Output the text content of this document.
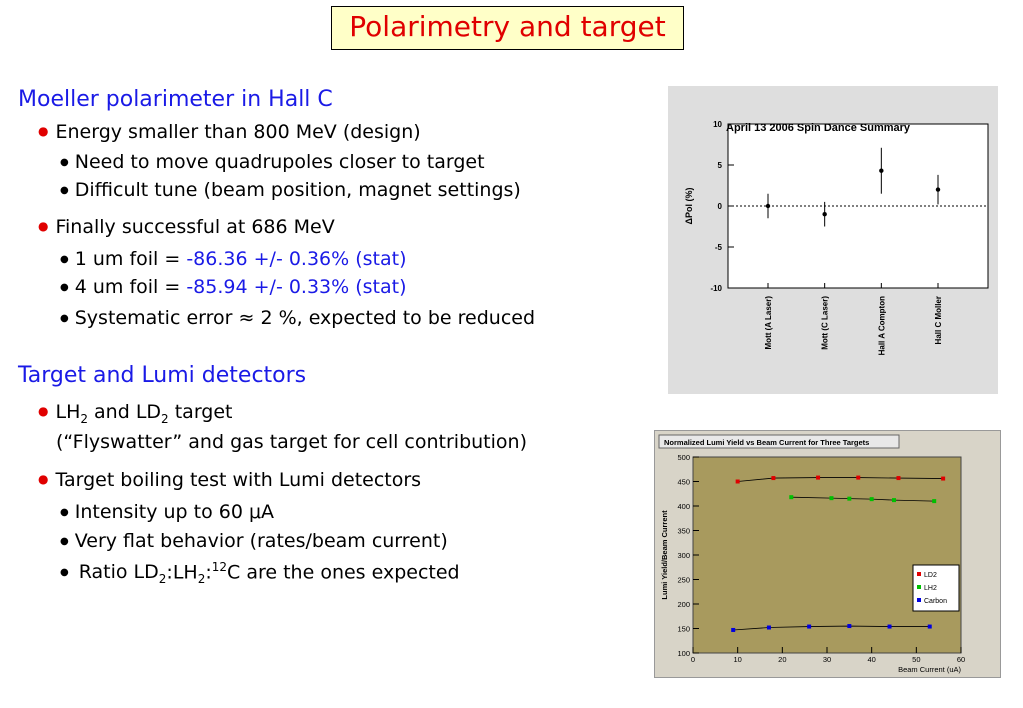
Polarimetry and target
Moeller polarimeter in Hall C
● Energy smaller than 800 MeV (design)
● Need to move quadrupoles closer to target
● Difficult tune (beam position, magnet settings)
● Finally successful at 686 MeV
● 1 um foil = -86.36 +/- 0.36% (stat)
● 4 um foil = -85.94 +/- 0.33% (stat)
● Systematic error ≈ 2 %, expected to be reduced
Target and Lumi detectors
● $LH_2$ and $LD_2$ target
(“Flyswatter” and gas target for cell contribution)
● Target boiling test with Lumi detectors
● Intensity up to 60 μA
● Very flat behavior (rates/beam current)
● Ratio $LD_2:LH_2:^{12}C$ are the ones expected
April 13 2006 Spin Dance Summary
10
5
0
-5
-10
ΔPol (%)
Mott (A Laser)	Mott (C Laser)	Hall A Compton	Hall C Moller
Normalized Lumi Yield vs Beam Current for Three Targets
100
150
200
250
300
350
400
450
500
0	10	20	30	40	50	60
Beam Current (uA)
Lumi Yield/Beam Current	LD2
LH2
Carbon
